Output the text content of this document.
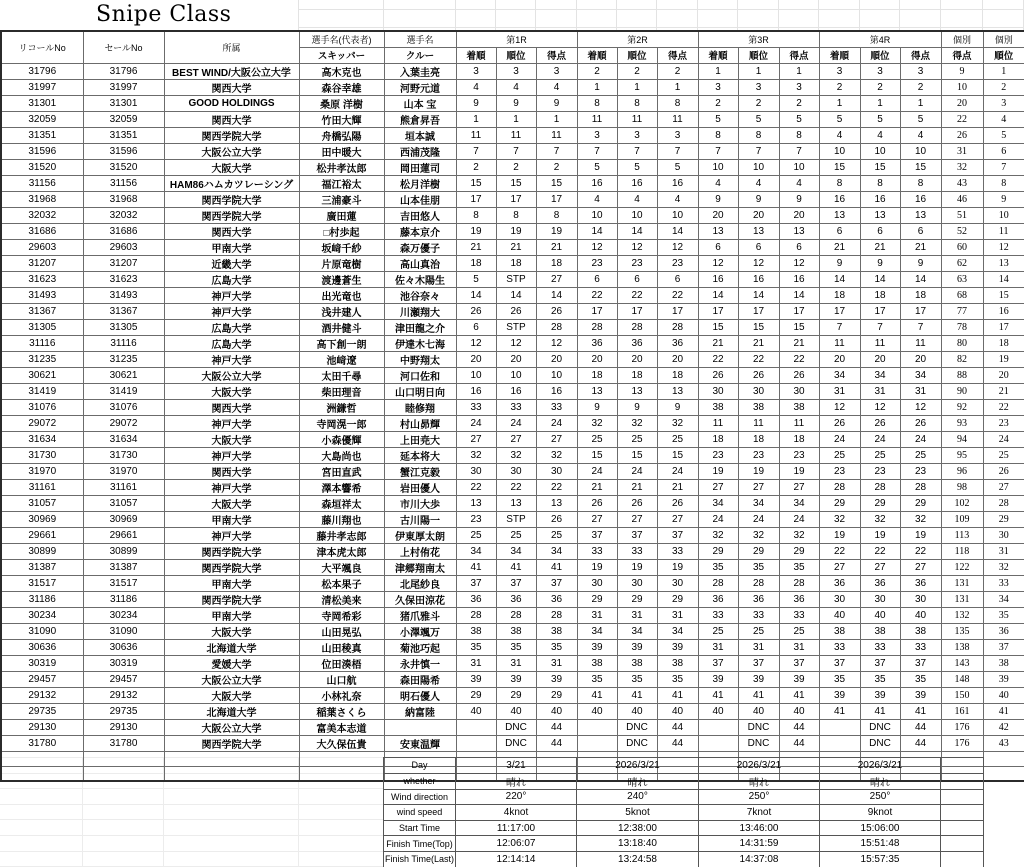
Snipe Class
リコールNo	セールNo	所属	選手名(代表者)	選手名	第1R			第2R			第3R			第4R			個別	個別
			スキッパー	クルー	着順	順位	得点	着順	順位	得点	着順	順位	得点	着順	順位	得点	得点	順位
31796	31796	BEST WIND/大阪公立大学	高木克也	入葉圭亮	3	3	3	2	2	2	1	1	1	3	3	3	9	1
31997	31997	関西大学	森谷幸雄	河野元道	4	4	4	1	1	1	3	3	3	2	2	2	10	2
31301	31301	GOOD HOLDINGS	桑原 洋樹	山本 宝	9	9	9	8	8	8	2	2	2	1	1	1	20	3
32059	32059	関西大学	竹田大輝	熊倉昇吾	1	1	1	11	11	11	5	5	5	5	5	5	22	4
31351	31351	関西学院大学	舟橋弘陽	垣本誠	11	11	11	3	3	3	8	8	8	4	4	4	26	5
31596	31596	大阪公立大学	田中暖大	西浦茂隆	7	7	7	7	7	7	7	7	7	10	10	10	31	6
31520	31520	大阪大学	松井孝汰郎	岡田蓮司	2	2	2	5	5	5	10	10	10	15	15	15	32	7
31156	31156	HAM86ハムカツレーシング	福江裕太	松月洋樹	15	15	15	16	16	16	4	4	4	8	8	8	43	8
31968	31968	関西学院大学	三浦豪斗	山本佳朋	17	17	17	4	4	4	9	9	9	16	16	16	46	9
32032	32032	関西学院大学	廣田蓮	吉田悠人	8	8	8	10	10	10	20	20	20	13	13	13	51	10
31686	31686	関西大学	□村歩起	藤本京介	19	19	19	14	14	14	13	13	13	6	6	6	52	11
29603	29603	甲南大学	坂﨑千紗	森万優子	21	21	21	12	12	12	6	6	6	21	21	21	60	12
31207	31207	近畿大学	片原竜樹	高山真治	18	18	18	23	23	23	12	12	12	9	9	9	62	13
31623	31623	広島大学	渡邊蒼生	佐々木陽生	5	STP	27	6	6	6	16	16	16	14	14	14	63	14
31493	31493	神戸大学	出光竜也	池谷奈々	14	14	14	22	22	22	14	14	14	18	18	18	68	15
31367	31367	神戸大学	浅井建人	川瀬翔大	26	26	26	17	17	17	17	17	17	17	17	17	77	16
31305	31305	広島大学	酒井健斗	津田龍之介	6	STP	28	28	28	28	15	15	15	7	7	7	78	17
31116	31116	広島大学	高下創一朗	伊達木七海	12	12	12	36	36	36	21	21	21	11	11	11	80	18
31235	31235	神戸大学	池﨑遼	中野翔太	20	20	20	20	20	20	22	22	22	20	20	20	82	19
30621	30621	大阪公立大学	太田千尋	河口佐和	10	10	10	18	18	18	26	26	26	34	34	34	88	20
31419	31419	大阪大学	柴田理音	山口明日向	16	16	16	13	13	13	30	30	30	31	31	31	90	21
31076	31076	関西大学	洲鎌哲	睦修翔	33	33	33	9	9	9	38	38	38	12	12	12	92	22
29072	29072	神戸大学	寺岡滉一郎	村山昴輝	24	24	24	32	32	32	11	11	11	26	26	26	93	23
31634	31634	大阪大学	小森優輝	上田尭大	27	27	27	25	25	25	18	18	18	24	24	24	94	24
31730	31730	神戸大学	大島尚也	延本将大	32	32	32	15	15	15	23	23	23	25	25	25	95	25
31970	31970	関西大学	宮田直武	蟹江克毅	30	30	30	24	24	24	19	19	19	23	23	23	96	26
31161	31161	神戸大学	澤本響希	岩田優人	22	22	22	21	21	21	27	27	27	28	28	28	98	27
31057	31057	大阪大学	森垣祥太	市川大歩	13	13	13	26	26	26	34	34	34	29	29	29	102	28
30969	30969	甲南大学	藤川翔也	古川陽一	23	STP	26	27	27	27	24	24	24	32	32	32	109	29
29661	29661	神戸大学	藤井孝志郎	伊東厚太朗	25	25	25	37	37	37	32	32	32	19	19	19	113	30
30899	30899	関西学院大学	津本虎太郎	上村侑花	34	34	34	33	33	33	29	29	29	22	22	22	118	31
31387	31387	関西学院大学	大平颯良	津郷翔南太	41	41	41	19	19	19	35	35	35	27	27	27	122	32
31517	31517	甲南大学	松本果子	北尾紗良	37	37	37	30	30	30	28	28	28	36	36	36	131	33
31186	31186	関西学院大学	清松美来	久保田涼花	36	36	36	29	29	29	36	36	36	30	30	30	131	34
30234	30234	甲南大学	寺岡希彩	猪爪雅斗	28	28	28	31	31	31	33	33	33	40	40	40	132	35
31090	31090	大阪大学	山田晃弘	小澤颯万	38	38	38	34	34	34	25	25	25	38	38	38	135	36
30636	30636	北海道大学	山田稜真	菊池巧起	35	35	35	39	39	39	31	31	31	33	33	33	138	37
30319	30319	愛媛大学	位田湊梧	永井慎一	31	31	31	38	38	38	37	37	37	37	37	37	143	38
29457	29457	大阪公立大学	山口航	森田陽希	39	39	39	35	35	35	39	39	39	35	35	35	148	39
29132	29132	大阪大学	小林礼奈	明石優人	29	29	29	41	41	41	41	41	41	39	39	39	150	40
29735	29735	北海道大学	稲葉さくら	納富陸	40	40	40	40	40	40	40	40	40	41	41	41	161	41
29130	29130	大阪公立大学	富美本志道			DNC	44		DNC	44		DNC	44		DNC	44	176	42
31780	31780	関西学院大学	大久保伍貴	安東温輝		DNC	44		DNC	44		DNC	44		DNC	44	176	43

Day	3/21	2026/3/21	2026/3/21	2026/3/21	
whether	晴れ	晴れ	晴れ	晴れ	
Wind direction	220°	240°	250°	250°	
wind speed	4knot	5knot	7knot	9knot	
Start Time	11:17:00	12:38:00	13:46:00	15:06:00	
Finish Time(Top)	12:06:07	13:18:40	14:31:59	15:51:48	
Finish Time(Last)	12:14:14	13:24:58	14:37:08	15:57:35	
